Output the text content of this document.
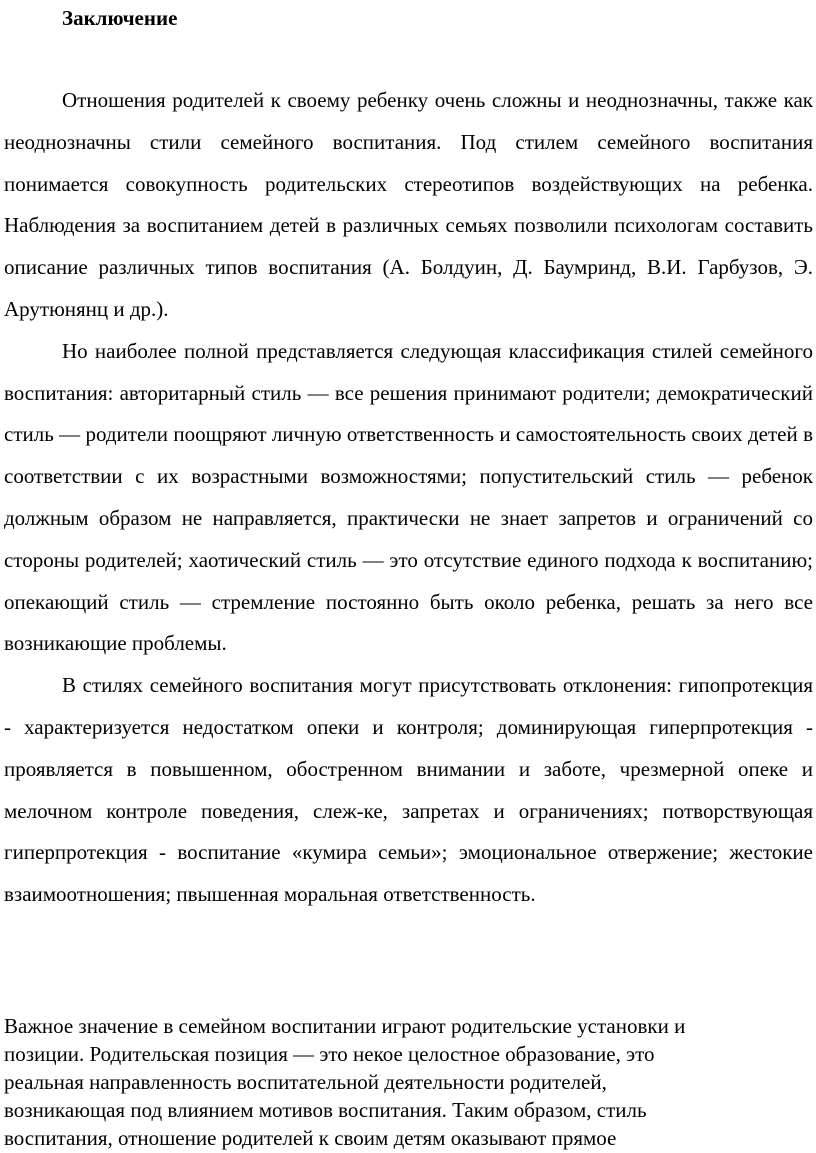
Заключение

Отношения родителей к своему ребенку очень сложны и неоднозначны, также как неоднозначны стили семейного воспитания. Под стилем семейного воспитания понимается совокупность родительских стереотипов воздействующих на ребенка. Наблюдения за воспитанием детей в различных семьях позволили психологам составить описание различных типов воспитания (А. Болдуин, Д. Баумринд, В.И. Гарбузов, Э. Арутюнянц и др.).

Но наиболее полной представляется следующая классификация стилей семейного воспитания: авторитарный стиль — все решения принимают родители; демократический стиль — родители поощряют личную ответственность и самостоятельность своих детей в соответствии с их возрастными возможностями; попустительский стиль — ребенок должным образом не направляется, практически не знает запретов и ограничений со стороны родителей; хаотический стиль — это отсутствие единого подхода к воспитанию; опекающий стиль — стремление постоянно быть около ребенка, решать за него все возникающие проблемы.

В стилях семейного воспитания могут присутствовать отклонения: гипопротекция - характеризуется недостатком опеки и контроля; доминирующая гиперпротекция - проявляется в повышенном, обостренном внимании и заботе, чрезмерной опеке и мелочном контроле поведения, слеж-ке, запретах и ограничениях; потворствующая гиперпротекция - воспитание «кумира семьи»; эмоциональное отвержение; жестокие взаимоотношения; пвышенная моральная ответственность.

Важное значение в семейном воспитании играют родительские установки и
позиции. Родительская позиция — это некое целостное образование, это
реальная направленность воспитательной деятельности родителей,
возникающая под влиянием мотивов воспитания. Таким образом, стиль
воспитания, отношение родителей к своим детям оказывают прямое
